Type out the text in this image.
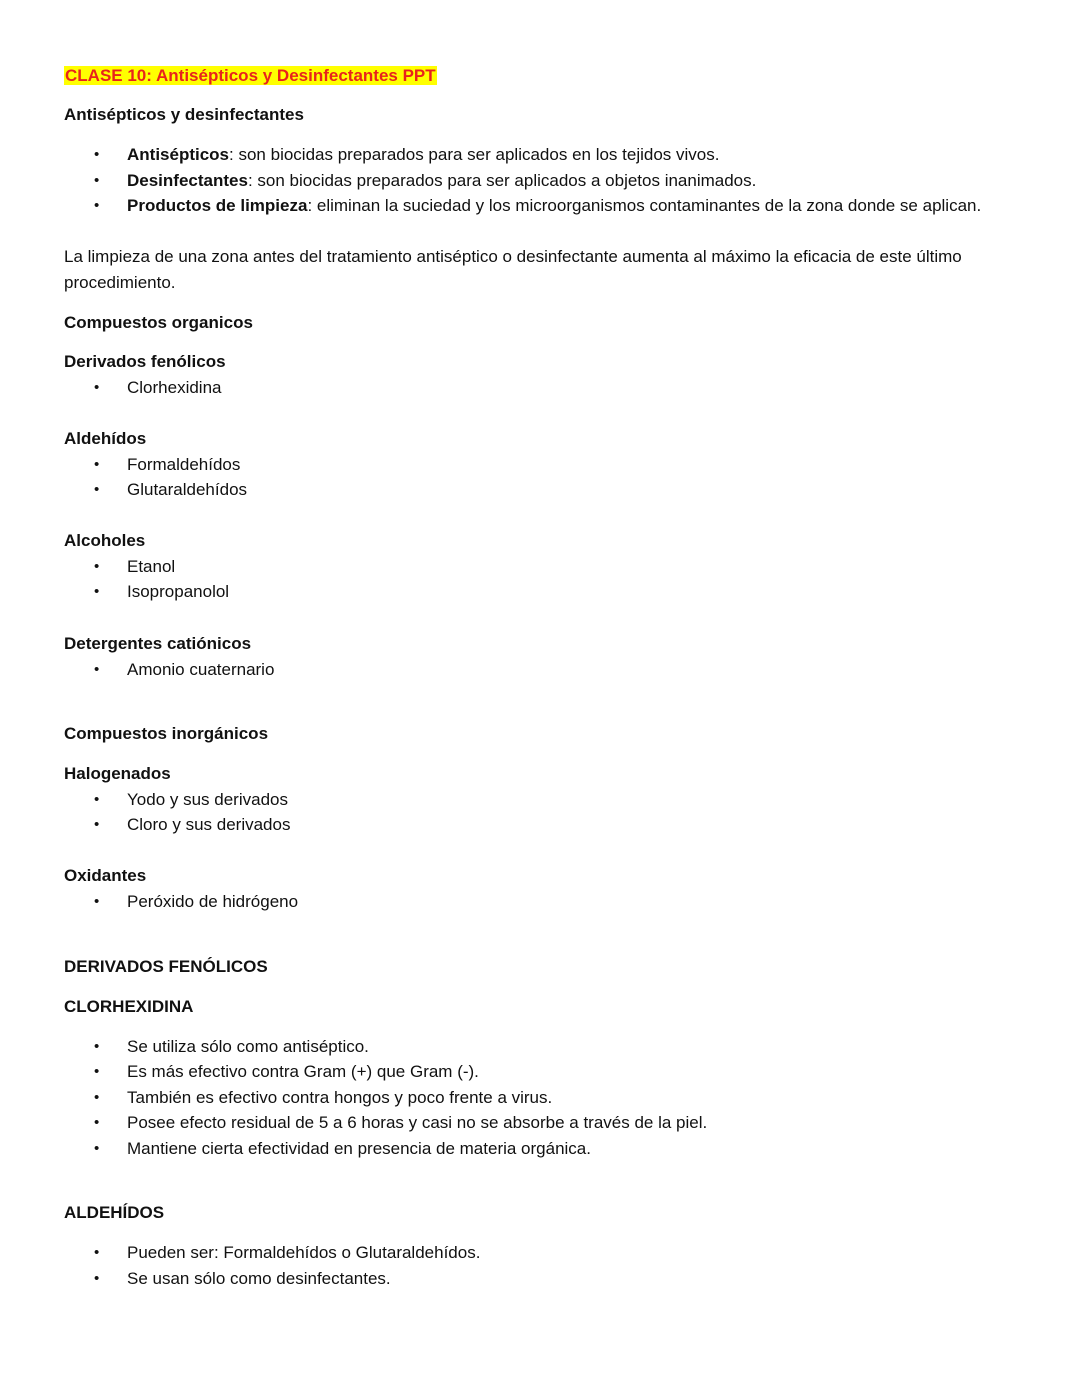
CLASE 10: Antisépticos y Desinfectantes PPT
Antisépticos y desinfectantes
• Antisépticos: son biocidas preparados para ser aplicados en los tejidos vivos.
• Desinfectantes: son biocidas preparados para ser aplicados a objetos inanimados.
• Productos de limpieza: eliminan la suciedad y los microorganismos contaminantes de la zona donde se aplican.
La limpieza de una zona antes del tratamiento antiséptico o desinfectante aumenta al máximo la eficacia de este último procedimiento.
Compuestos organicos
Derivados fenólicos
• Clorhexidina
Aldehídos
• Formaldehídos
• Glutaraldehídos
Alcoholes
• Etanol
• Isopropanolol
Detergentes catiónicos
• Amonio cuaternario
Compuestos inorgánicos
Halogenados
• Yodo y sus derivados
• Cloro y sus derivados
Oxidantes
• Peróxido de hidrógeno
DERIVADOS FENÓLICOS
CLORHEXIDINA
• Se utiliza sólo como antiséptico.
• Es más efectivo contra Gram (+) que Gram (-).
• También es efectivo contra hongos y poco frente a virus.
• Posee efecto residual de 5 a 6 horas y casi no se absorbe a través de la piel.
• Mantiene cierta efectividad en presencia de materia orgánica.
ALDEHÍDOS
• Pueden ser: Formaldehídos o Glutaraldehídos.
• Se usan sólo como desinfectantes.
